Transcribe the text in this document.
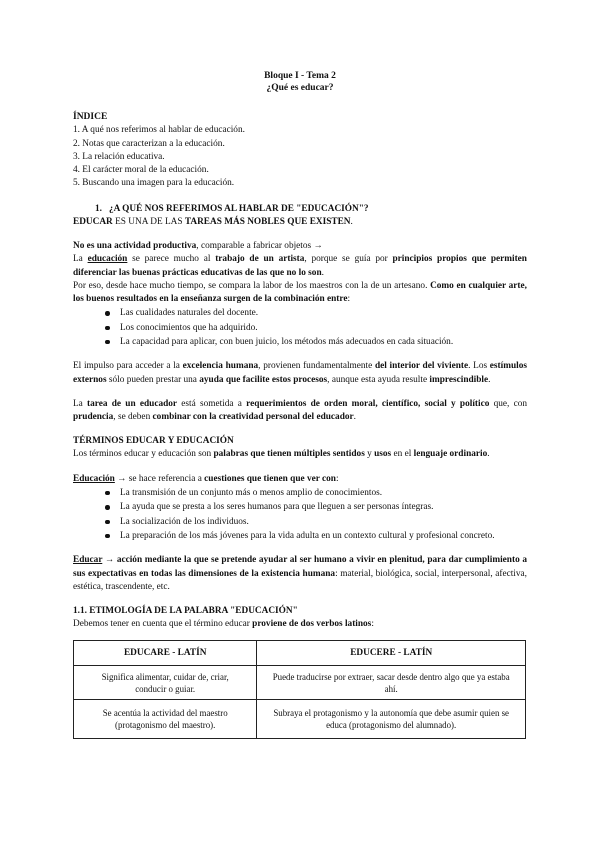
Bloque I - Tema 2
¿Qué es educar?
ÍNDICE
1. A qué nos referimos al hablar de educación.
2. Notas que caracterizan a la educación.
3. La relación educativa.
4. El carácter moral de la educación.
5. Buscando una imagen para la educación.
1. ¿A QUÉ NOS REFERIMOS AL HABLAR DE "EDUCACIÓN"?
EDUCAR ES UNA DE LAS TAREAS MÁS NOBLES QUE EXISTEN.
No es una actividad productiva, comparable a fabricar objetos →
La educación se parece mucho al trabajo de un artista, porque se guía por principios propios que permiten diferenciar las buenas prácticas educativas de las que no lo son.
Por eso, desde hace mucho tiempo, se compara la labor de los maestros con la de un artesano. Como en cualquier arte, los buenos resultados en la enseñanza surgen de la combinación entre:
Las cualidades naturales del docente.
Los conocimientos que ha adquirido.
La capacidad para aplicar, con buen juicio, los métodos más adecuados en cada situación.
El impulso para acceder a la excelencia humana, provienen fundamentalmente del interior del viviente. Los estímulos externos sólo pueden prestar una ayuda que facilite estos procesos, aunque esta ayuda resulte imprescindible.
La tarea de un educador está sometida a requerimientos de orden moral, científico, social y político que, con prudencia, se deben combinar con la creatividad personal del educador.
TÉRMINOS EDUCAR Y EDUCACIÓN
Los términos educar y educación son palabras que tienen múltiples sentidos y usos en el lenguaje ordinario.
Educación → se hace referencia a cuestiones que tienen que ver con:
La transmisión de un conjunto más o menos amplio de conocimientos.
La ayuda que se presta a los seres humanos para que lleguen a ser personas íntegras.
La socialización de los individuos.
La preparación de los más jóvenes para la vida adulta en un contexto cultural y profesional concreto.
Educar → acción mediante la que se pretende ayudar al ser humano a vivir en plenitud, para dar cumplimiento a sus expectativas en todas las dimensiones de la existencia humana: material, biológica, social, interpersonal, afectiva, estética, trascendente, etc.
1.1. ETIMOLOGÍA DE LA PALABRA "EDUCACIÓN"
Debemos tener en cuenta que el término educar proviene de dos verbos latinos:
EDUCARE - LATÍN	EDUCERE - LATÍN
Significa alimentar, cuidar de, criar, conducir o guiar.	Puede traducirse por extraer, sacar desde dentro algo que ya estaba ahí.
Se acentúa la actividad del maestro (protagonismo del maestro).	Subraya el protagonismo y la autonomía que debe asumir quien se educa (protagonismo del alumnado).
